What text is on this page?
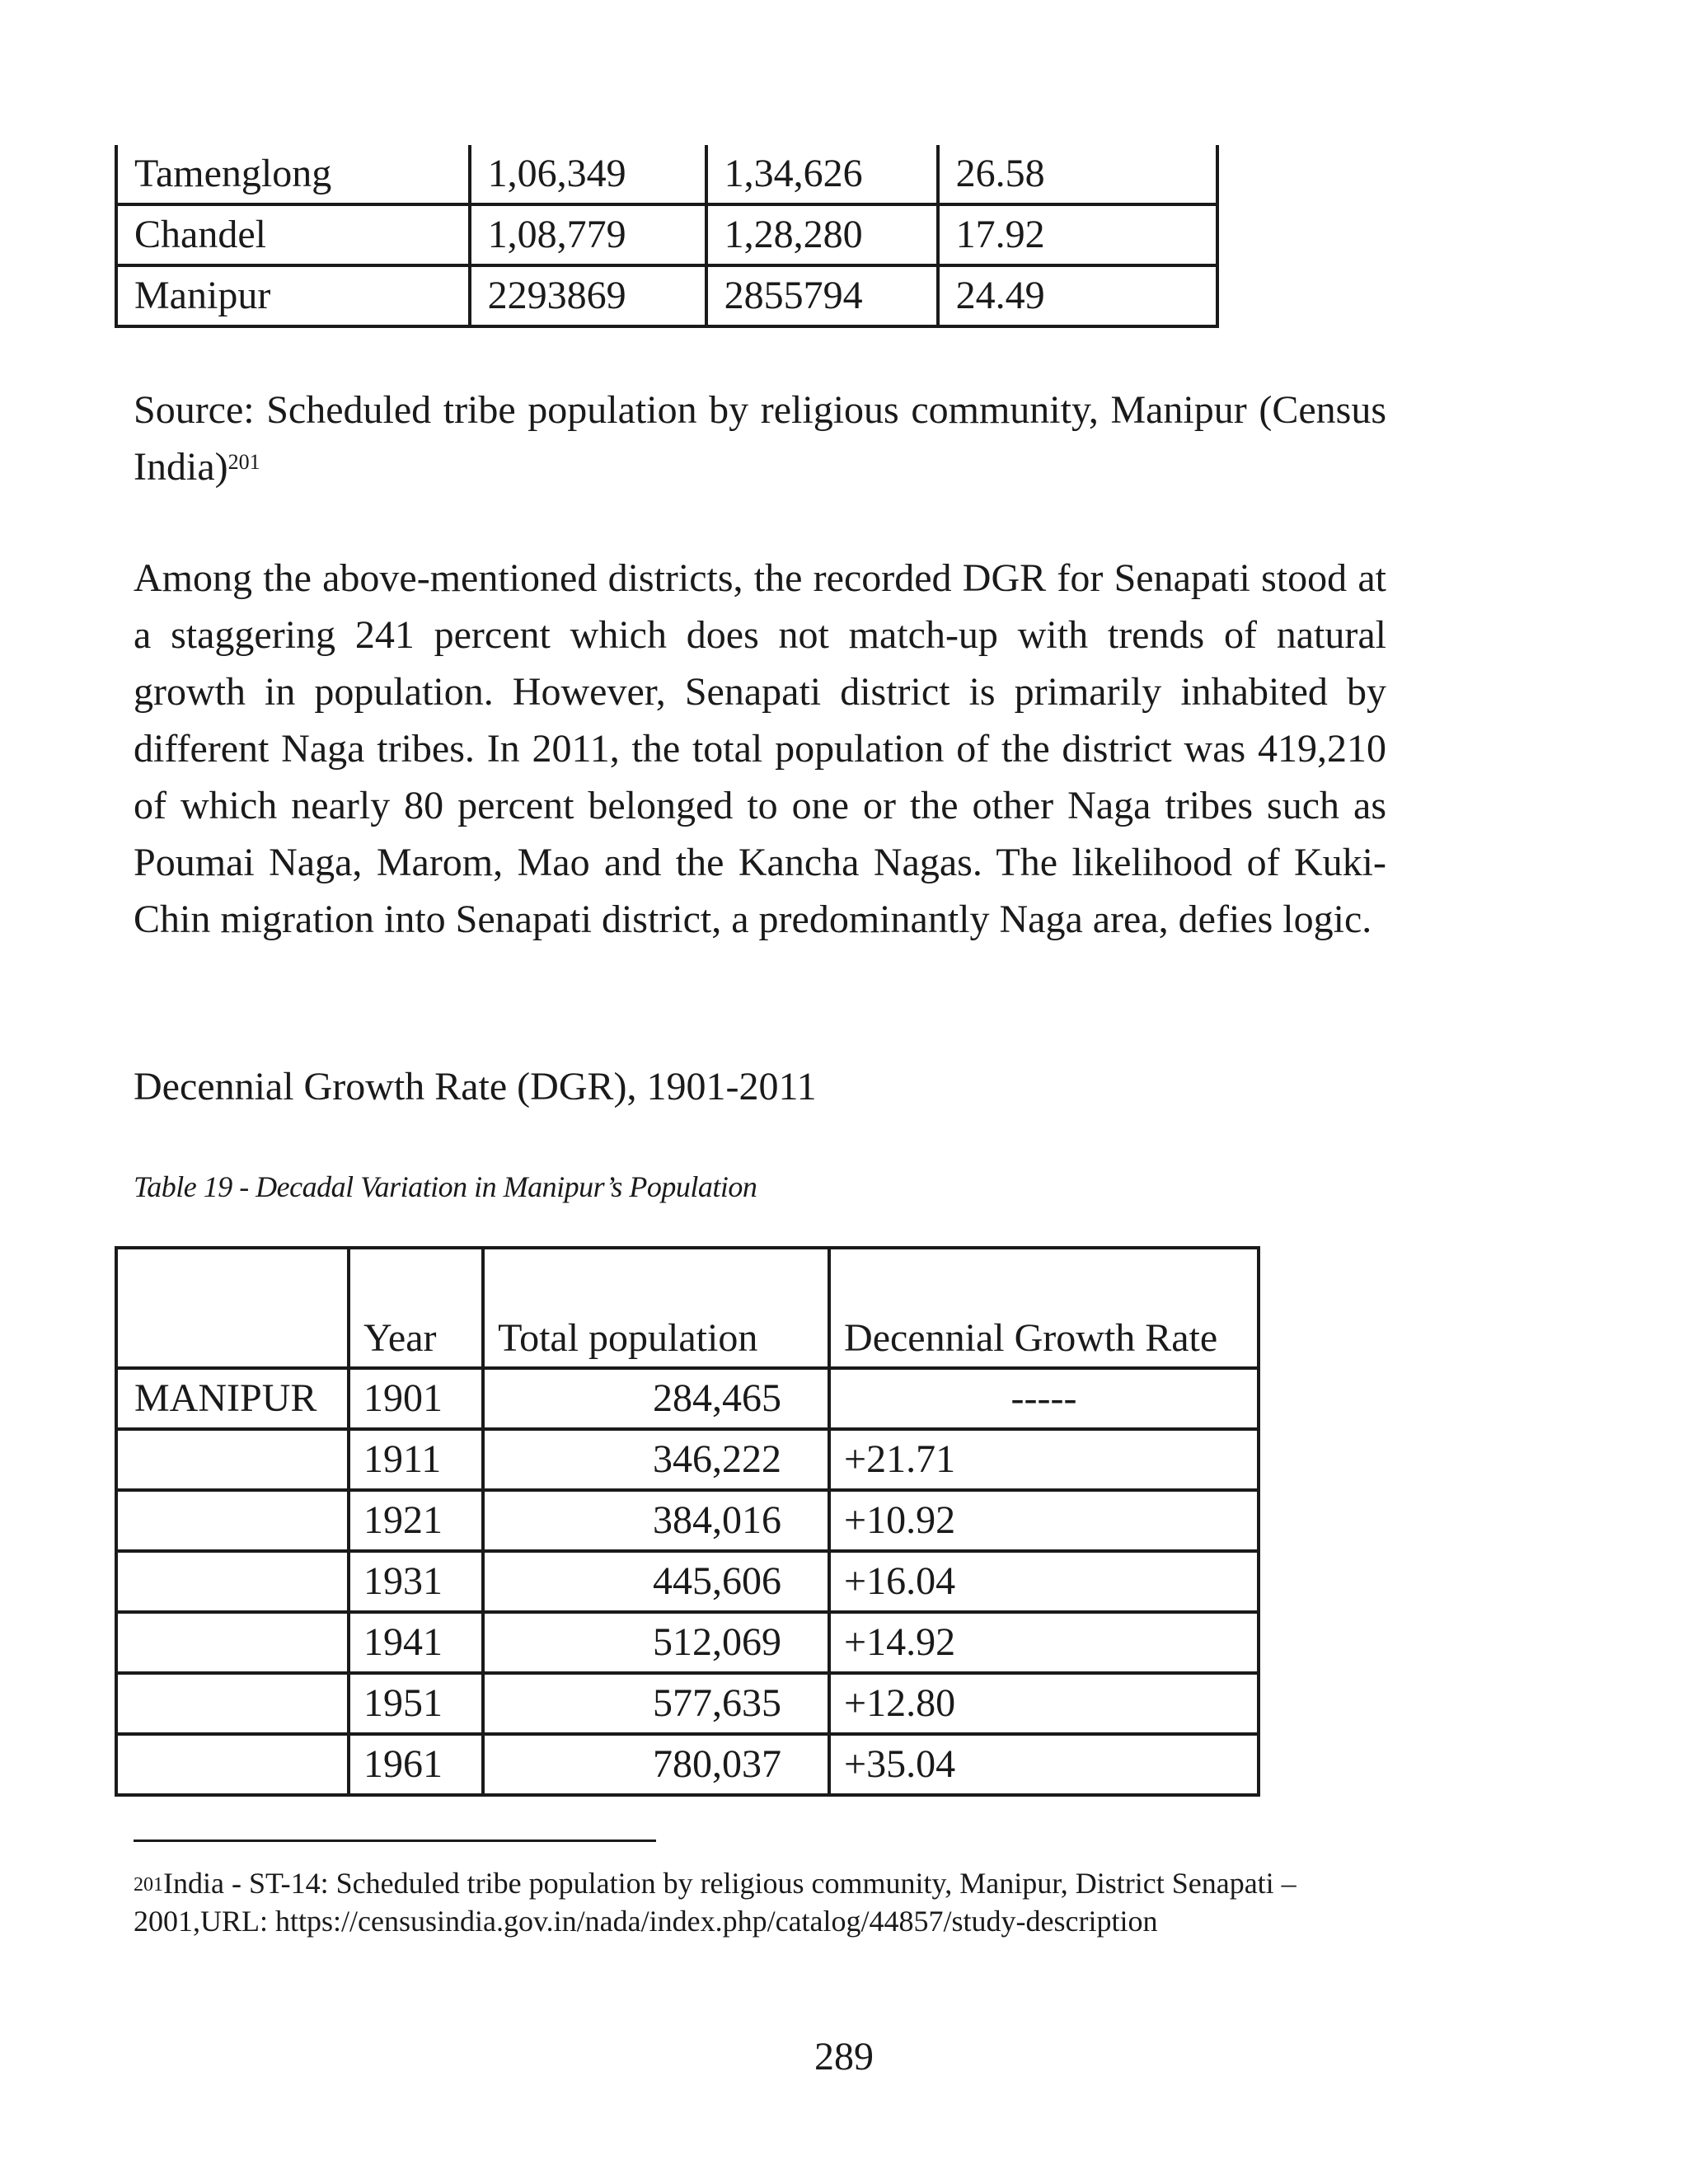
Tamenglong	1,06,349	1,34,626	26.58
Chandel	1,08,779	1,28,280	17.92
Manipur	2293869	2855794	24.49

Source: Scheduled tribe population by religious community, Manipur (Census India)$^{201}$

Among the above-mentioned districts, the recorded DGR for Senapati stood at a staggering 241 percent which does not match-up with trends of natural growth in population. However, Senapati district is primarily inhabited by different Naga tribes. In 2011, the total population of the district was 419,210 of which nearly 80 percent belonged to one or the other Naga tribes such as Poumai Naga, Marom, Mao and the Kancha Nagas. The likelihood of Kuki-Chin migration into Senapati district, a predominantly Naga area, defies logic.

Decennial Growth Rate (DGR), 1901-2011

Table 19 - Decadal Variation in Manipur’s Population

	Year	Total population	Decennial Growth Rate
MANIPUR	1901	284,465	-----
	1911	346,222	+21.71
	1921	384,016	+10.92
	1931	445,606	+16.04
	1941	512,069	+14.92
	1951	577,635	+12.80
	1961	780,037	+35.04

$^{201}$India - ST-14: Scheduled tribe population by religious community, Manipur, District Senapati – 2001,URL: https://censusindia.gov.in/nada/index.php/catalog/44857/study-description

289
